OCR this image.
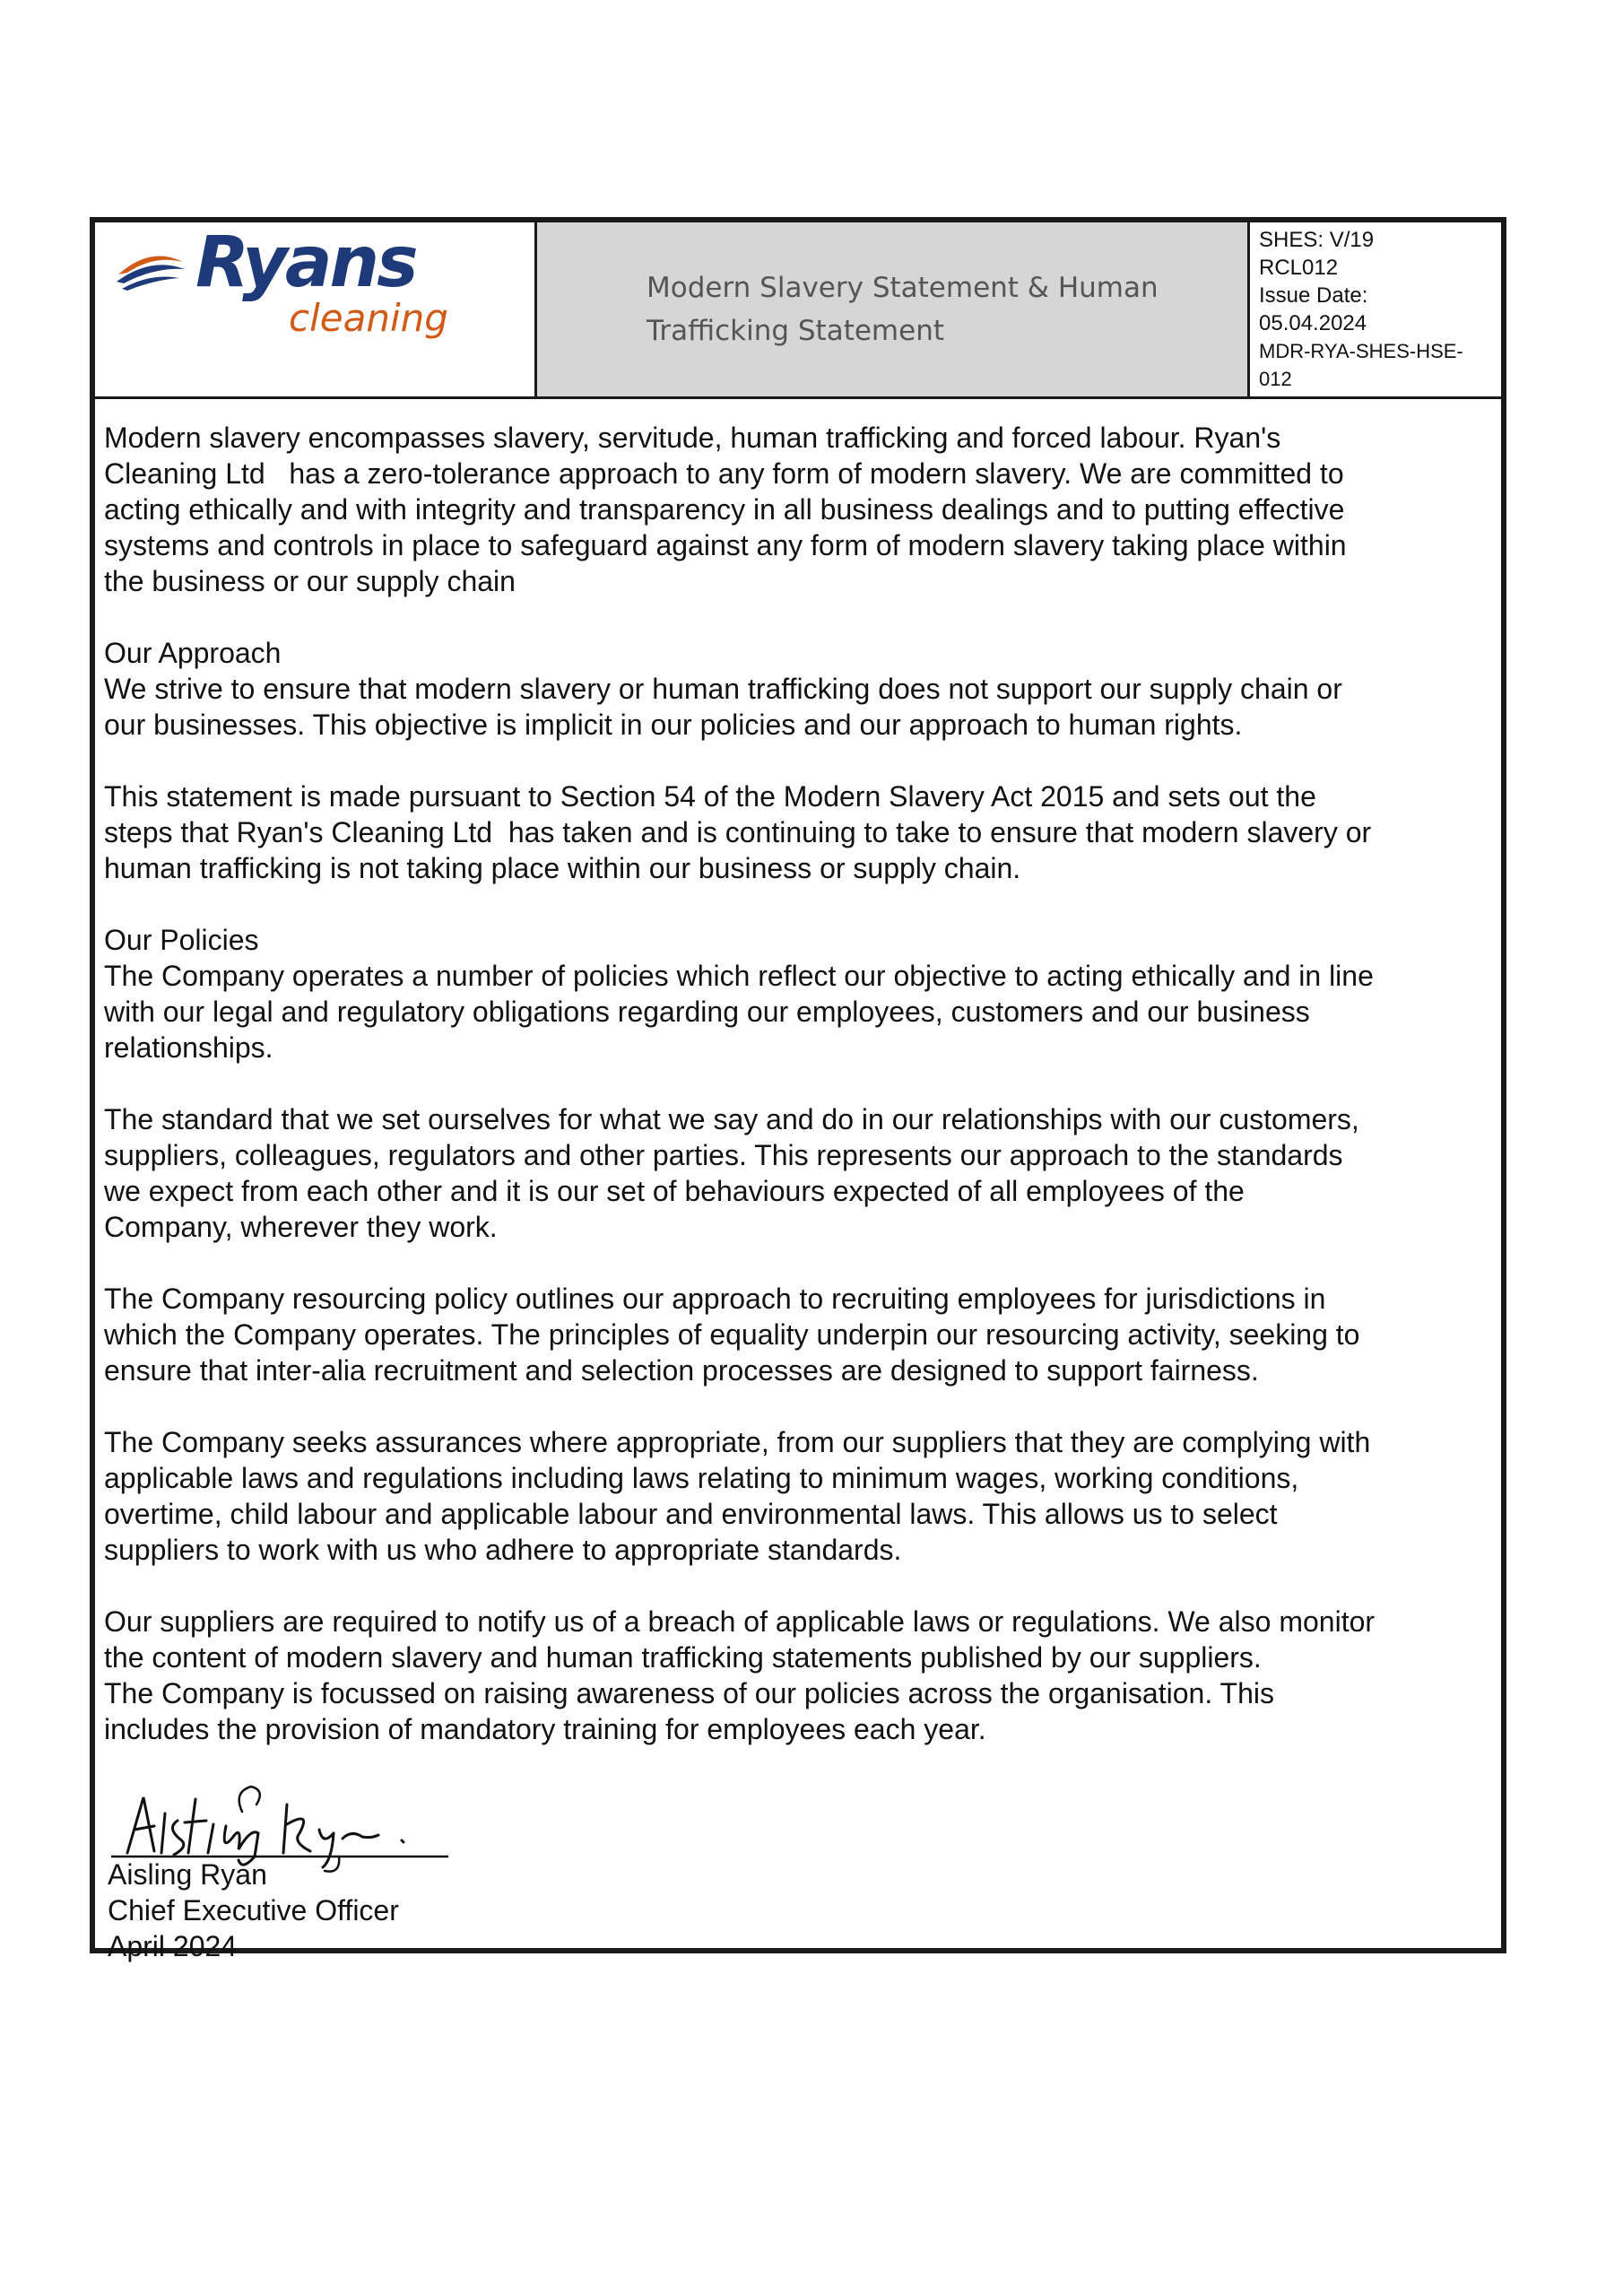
Ryans
cleaning
Modern Slavery Statement & Human
Trafficking Statement
SHES: V/19
RCL012
Issue Date:
05.04.2024
MDR-RYA-SHES-HSE-
012

Modern slavery encompasses slavery, servitude, human trafficking and forced labour. Ryan's
Cleaning Ltd   has a zero-tolerance approach to any form of modern slavery. We are committed to
acting ethically and with integrity and transparency in all business dealings and to putting effective
systems and controls in place to safeguard against any form of modern slavery taking place within
the business or our supply chain

Our Approach

We strive to ensure that modern slavery or human trafficking does not support our supply chain or
our businesses. This objective is implicit in our policies and our approach to human rights.

This statement is made pursuant to Section 54 of the Modern Slavery Act 2015 and sets out the
steps that Ryan's Cleaning Ltd  has taken and is continuing to take to ensure that modern slavery or
human trafficking is not taking place within our business or supply chain.

Our Policies

The Company operates a number of policies which reflect our objective to acting ethically and in line
with our legal and regulatory obligations regarding our employees, customers and our business
relationships.

The standard that we set ourselves for what we say and do in our relationships with our customers,
suppliers, colleagues, regulators and other parties. This represents our approach to the standards
we expect from each other and it is our set of behaviours expected of all employees of the
Company, wherever they work.

The Company resourcing policy outlines our approach to recruiting employees for jurisdictions in
which the Company operates. The principles of equality underpin our resourcing activity, seeking to
ensure that inter-alia recruitment and selection processes are designed to support fairness.

The Company seeks assurances where appropriate, from our suppliers that they are complying with
applicable laws and regulations including laws relating to minimum wages, working conditions,
overtime, child labour and applicable labour and environmental laws. This allows us to select
suppliers to work with us who adhere to appropriate standards.

Our suppliers are required to notify us of a breach of applicable laws or regulations. We also monitor
the content of modern slavery and human trafficking statements published by our suppliers.
The Company is focussed on raising awareness of our policies across the organisation. This
includes the provision of mandatory training for employees each year.

Aisling Ryan
Chief Executive Officer
April 2024
